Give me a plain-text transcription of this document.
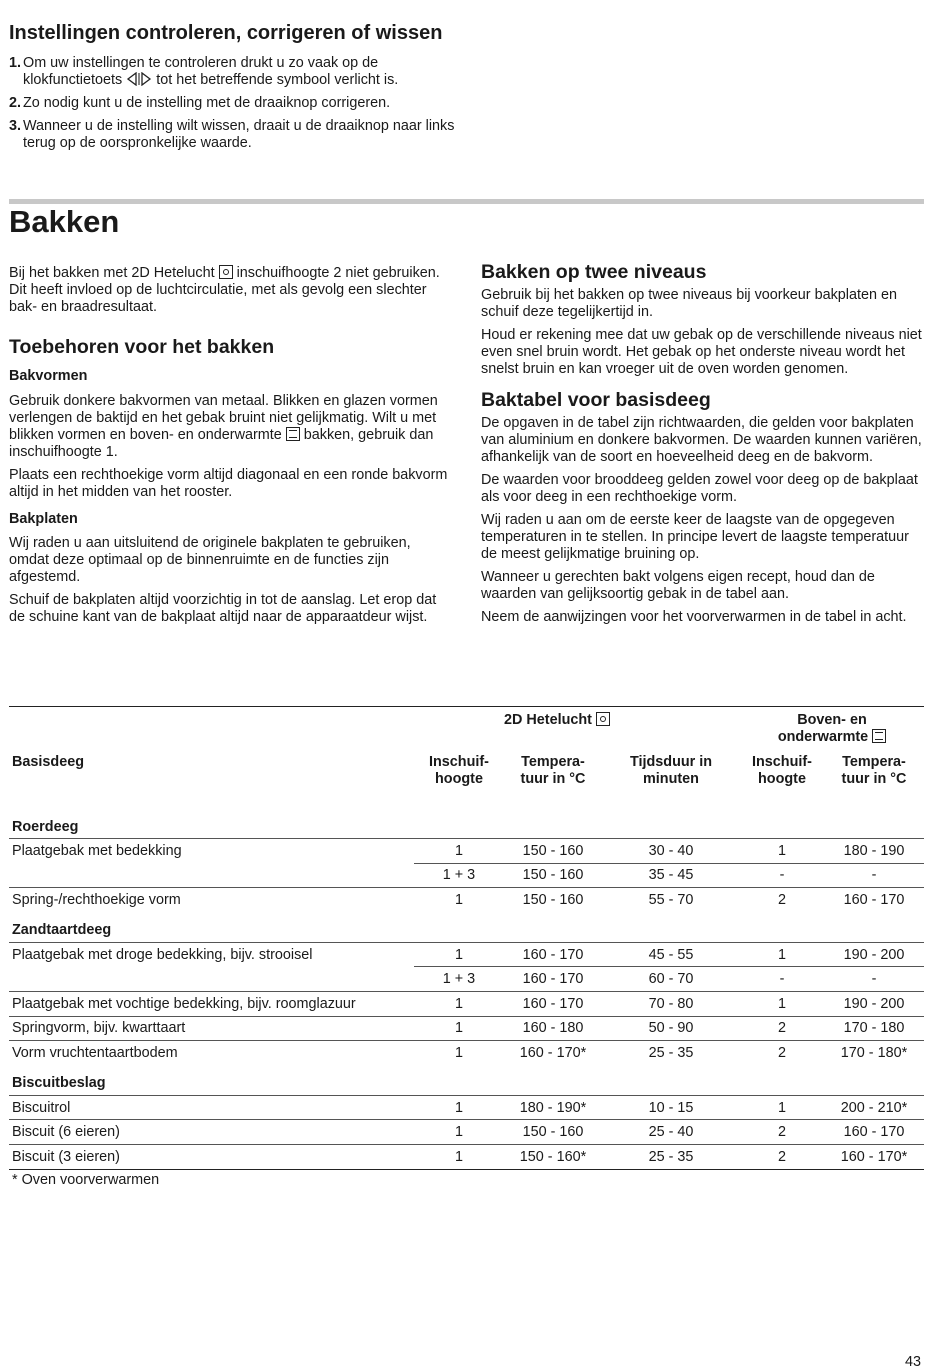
Instellingen controleren, corrigeren of wissen
1. Om uw instellingen te controleren drukt u zo vaak op de klokfunctietoets tot het betreffende symbool verlicht is.
2. Zo nodig kunt u de instelling met de draaiknop corrigeren.
3. Wanneer u de instelling wilt wissen, draait u de draaiknop naar links terug op de oorspronkelijke waarde.
Bakken

Bij het bakken met 2D Hetelucht inschuifhoogte 2 niet gebruiken. Dit heeft invloed op de luchtcirculatie, met als gevolg een slechter bak- en braadresultaat.

Toebehoren voor het bakken
Bakvormen

Gebruik donkere bakvormen van metaal. Blikken en glazen vormen verlengen de baktijd en het gebak bruint niet gelijkmatig. Wilt u met blikken vormen en boven- en onderwarmte bakken, gebruik dan inschuifhoogte 1.

Plaats een rechthoekige vorm altijd diagonaal en een ronde bakvorm altijd in het midden van het rooster.

Bakplaten

Wij raden u aan uitsluitend de originele bakplaten te gebruiken, omdat deze optimaal op de binnenruimte en de functies zijn afgestemd.

Schuif de bakplaten altijd voorzichtig in tot de aanslag. Let erop dat de schuine kant van de bakplaat altijd naar de apparaatdeur wijst.

Bakken op twee niveaus

Gebruik bij het bakken op twee niveaus bij voorkeur bakplaten en schuif deze tegelijkertijd in.

Houd er rekening mee dat uw gebak op de verschillende niveaus niet even snel bruin wordt. Het gebak op het onderste niveau wordt het snelst bruin en kan vroeger uit de oven worden genomen.

Baktabel voor basisdeeg

De opgaven in de tabel zijn richtwaarden, die gelden voor bakplaten van aluminium en donkere bakvormen. De waarden kunnen variëren, afhankelijk van de soort en hoeveelheid deeg en de bakvorm.

De waarden voor brooddeeg gelden zowel voor deeg op de bakplaat als voor deeg in een rechthoekige vorm.

Wij raden u aan om de eerste keer de laagste van de opgegeven temperaturen in te stellen. In principe levert de laagste temperatuur de meest gelijkmatige bruining op.

Wanneer u gerechten bakt volgens eigen recept, houd dan de waarden van gelijksoortig gebak in de tabel aan.

Neem de aanwijzingen voor het voorverwarmen in de tabel in acht.

	2D Hetelucht			Boven- en
onderwarmte	
Basisdeeg	Inschuif-
hoogte	Tempera-
tuur in °C	Tijdsduur in
minuten	Inschuif-
hoogte	Tempera-
tuur in °C
Roerdeeg					
Plaatgebak met bedekking	1	150 - 160	30 - 40	1	180 - 190
	1 + 3	150 - 160	35 - 45	-	-
Spring-/rechthoekige vorm	1	150 - 160	55 - 70	2	160 - 170
Zandtaartdeeg					
Plaatgebak met droge bedekking, bijv. strooisel	1	160 - 170	45 - 55	1	190 - 200
	1 + 3	160 - 170	60 - 70	-	-
Plaatgebak met vochtige bedekking, bijv. roomglazuur	1	160 - 170	70 - 80	1	190 - 200
Springvorm, bijv. kwarttaart	1	160 - 180	50 - 90	2	170 - 180
Vorm vruchtentaartbodem	1	160 - 170*	25 - 35	2	170 - 180*
Biscuitbeslag					
Biscuitrol	1	180 - 190*	10 - 15	1	200 - 210*
Biscuit (6 eieren)	1	150 - 160	25 - 40	2	160 - 170
Biscuit (3 eieren)	1	150 - 160*	25 - 35	2	160 - 170*
* Oven voorverwarmen
43
